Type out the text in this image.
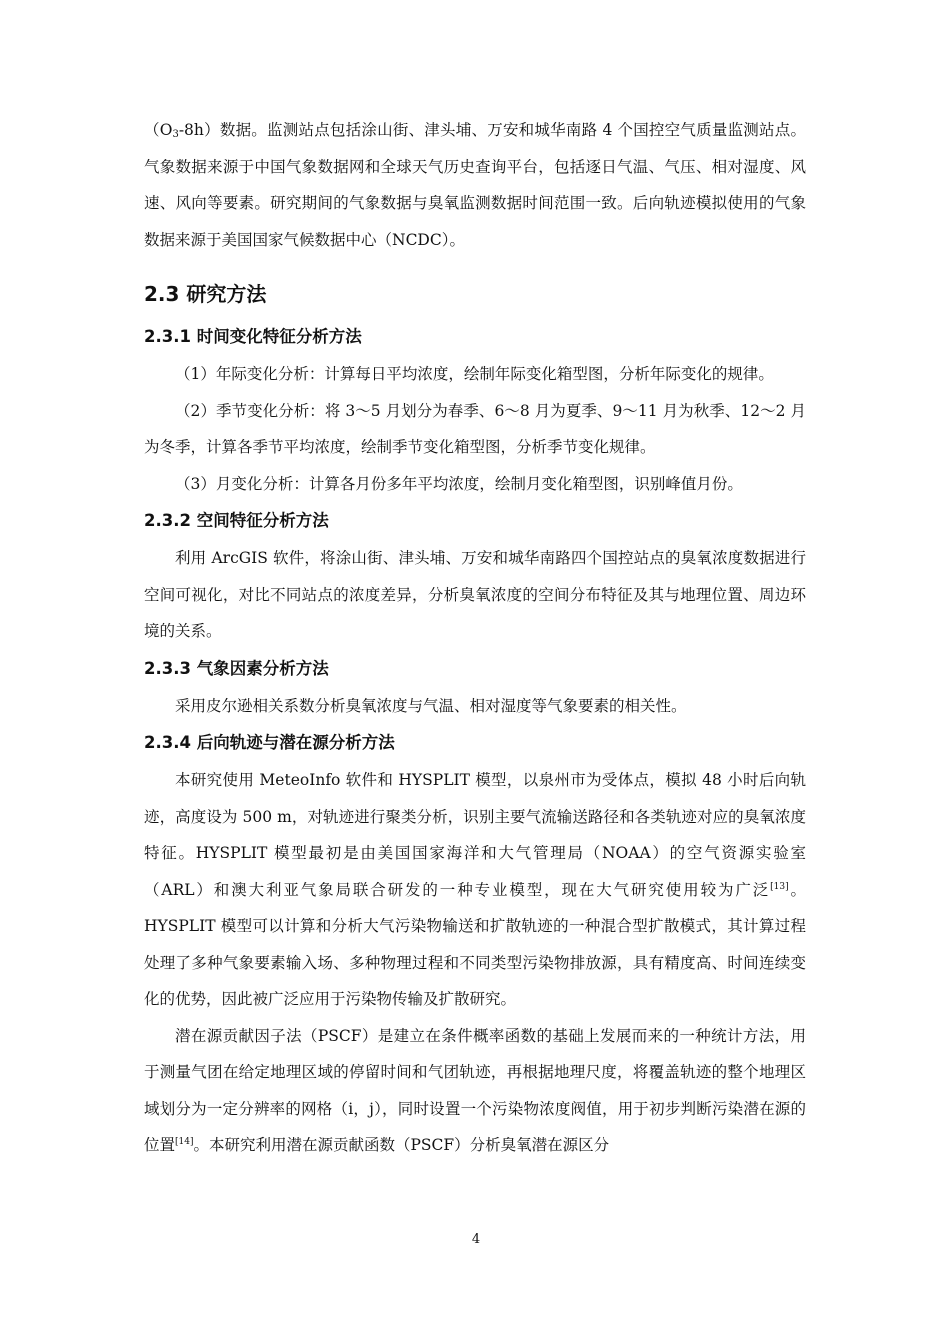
$(O_3-8h)$数据。监测站点包括涂山街、津头埔、万安和城华南路 4 个国控空气质量监测站点。气象数据来源于中国气象数据网和全球天气历史查询平台，包括逐日气温、气压、相对湿度、风速、风向等要素。研究期间的气象数据与臭氧监测数据时间范围一致。后向轨迹模拟使用的气象数据来源于美国国家气候数据中心（NCDC）。

2.3 研究方法
2.3.1 时间变化特征分析方法

（1）年际变化分析：计算每日平均浓度，绘制年际变化箱型图，分析年际变化的规律。

（2）季节变化分析：将 3～5 月划分为春季、6～8 月为夏季、9～11 月为秋季、12～2 月为冬季，计算各季节平均浓度，绘制季节变化箱型图，分析季节变化规律。

（3）月变化分析：计算各月份多年平均浓度，绘制月变化箱型图，识别峰值月份。

2.3.2 空间特征分析方法

利用 ArcGIS 软件，将涂山街、津头埔、万安和城华南路四个国控站点的臭氧浓度数据进行空间可视化，对比不同站点的浓度差异，分析臭氧浓度的空间分布特征及其与地理位置、周边环境的关系。

2.3.3 气象因素分析方法

采用皮尔逊相关系数分析臭氧浓度与气温、相对湿度等气象要素的相关性。

2.3.4 后向轨迹与潜在源分析方法

本研究使用 MeteoInfo 软件和 HYSPLIT 模型，以泉州市为受体点，模拟 48 小时后向轨迹，高度设为 500 m，对轨迹进行聚类分析，识别主要气流输送路径和各类轨迹对应的臭氧浓度特征。HYSPLIT 模型最初是由美国国家海洋和大气管理局（NOAA）的空气资源实验室（ARL）和澳大利亚气象局联合研发的一种专业模型，现在大气研究使用较为广泛[13]。HYSPLIT 模型可以计算和分析大气污染物输送和扩散轨迹的一种混合型扩散模式，其计算过程处理了多种气象要素输入场、多种物理过程和不同类型污染物排放源，具有精度高、时间连续变化的优势，因此被广泛应用于污染物传输及扩散研究。

潜在源贡献因子法（PSCF）是建立在条件概率函数的基础上发展而来的一种统计方法，用于测量气团在给定地理区域的停留时间和气团轨迹，再根据地理尺度，将覆盖轨迹的整个地理区域划分为一定分辨率的网格（i，j），同时设置一个污染物浓度阀值，用于初步判断污染潜在源的位置[14]。本研究利用潜在源贡献函数（PSCF）分析臭氧潜在源区分

4
